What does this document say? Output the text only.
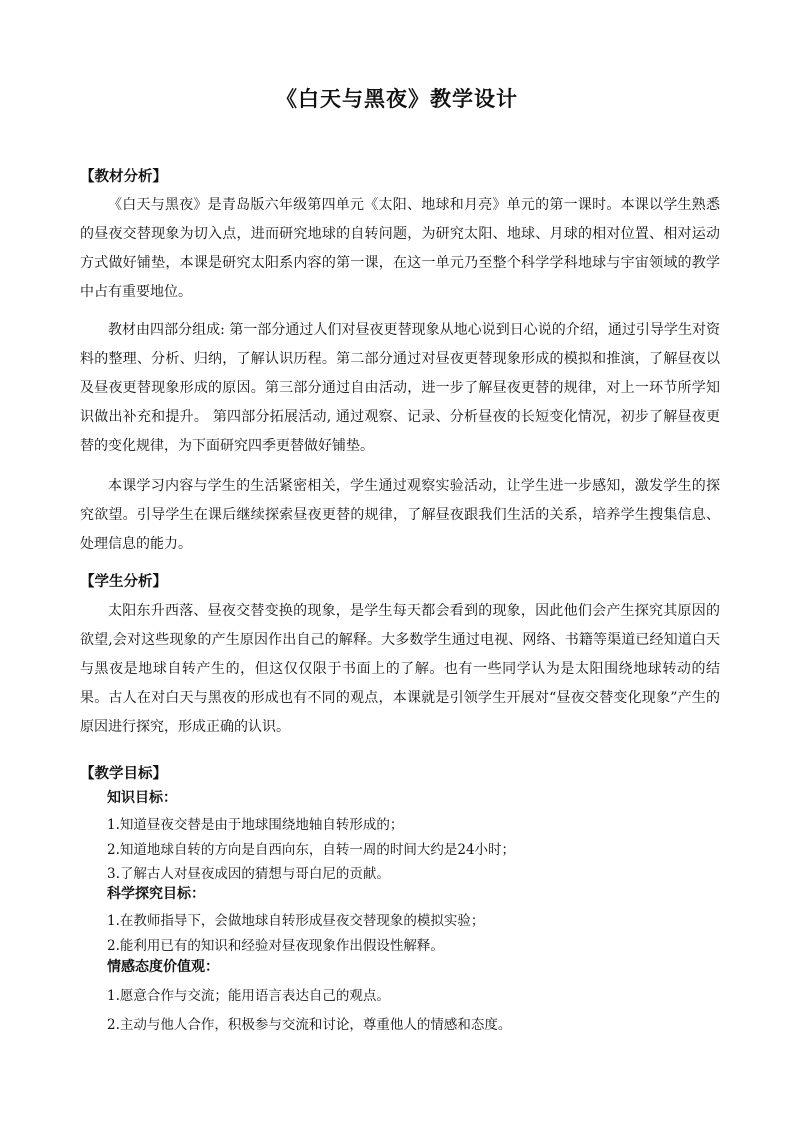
《白天与黑夜》教学设计
【教材分析】

《白天与黑夜》是青岛版六年级第四单元《太阳、地球和月亮》单元的第一课时。本课以学生熟悉的昼夜交替现象为切入点，进而研究地球的自转问题，为研究太阳、地球、月球的相对位置、相对运动方式做好铺垫，本课是研究太阳系内容的第一课，在这一单元乃至整个科学学科地球与宇宙领域的教学中占有重要地位。

教材由四部分组成: 第一部分通过人们对昼夜更替现象从地心说到日心说的介绍，通过引导学生对资料的整理、分析、归纳，了解认识历程。第二部分通过对昼夜更替现象形成的模拟和推演，了解昼夜以及昼夜更替现象形成的原因。第三部分通过自由活动，进一步了解昼夜更替的规律，对上一环节所学知识做出补充和提升。 第四部分拓展活动, 通过观察、记录、分析昼夜的长短变化情况，初步了解昼夜更替的变化规律，为下面研究四季更替做好铺垫。

本课学习内容与学生的生活紧密相关，学生通过观察实验活动，让学生进一步感知，激发学生的探究欲望。引导学生在课后继续探索昼夜更替的规律，了解昼夜跟我们生活的关系，培养学生搜集信息、处理信息的能力。

【学生分析】

太阳东升西落、昼夜交替变换的现象，是学生每天都会看到的现象，因此他们会产生探究其原因的欲望,会对这些现象的产生原因作出自己的解释。大多数学生通过电视、网络、书籍等渠道已经知道白天与黑夜是地球自转产生的，但这仅仅限于书面上的了解。也有一些同学认为是太阳围绕地球转动的结果。古人在对白天与黑夜的形成也有不同的观点，本课就是引领学生开展对“昼夜交替变化现象”产生的原因进行探究，形成正确的认识。

【教学目标】
知识目标：
1.知道昼夜交替是由于地球围绕地轴自转形成的；
2.知道地球自转的方向是自西向东，自转一周的时间大约是24小时；
3.了解古人对昼夜成因的猜想与哥白尼的贡献。
科学探究目标：
1.在教师指导下，会做地球自转形成昼夜交替现象的模拟实验；
2.能利用已有的知识和经验对昼夜现象作出假设性解释。
情感态度价值观：
1.愿意合作与交流；能用语言表达自己的观点。
2.主动与他人合作，积极参与交流和讨论，尊重他人的情感和态度。
